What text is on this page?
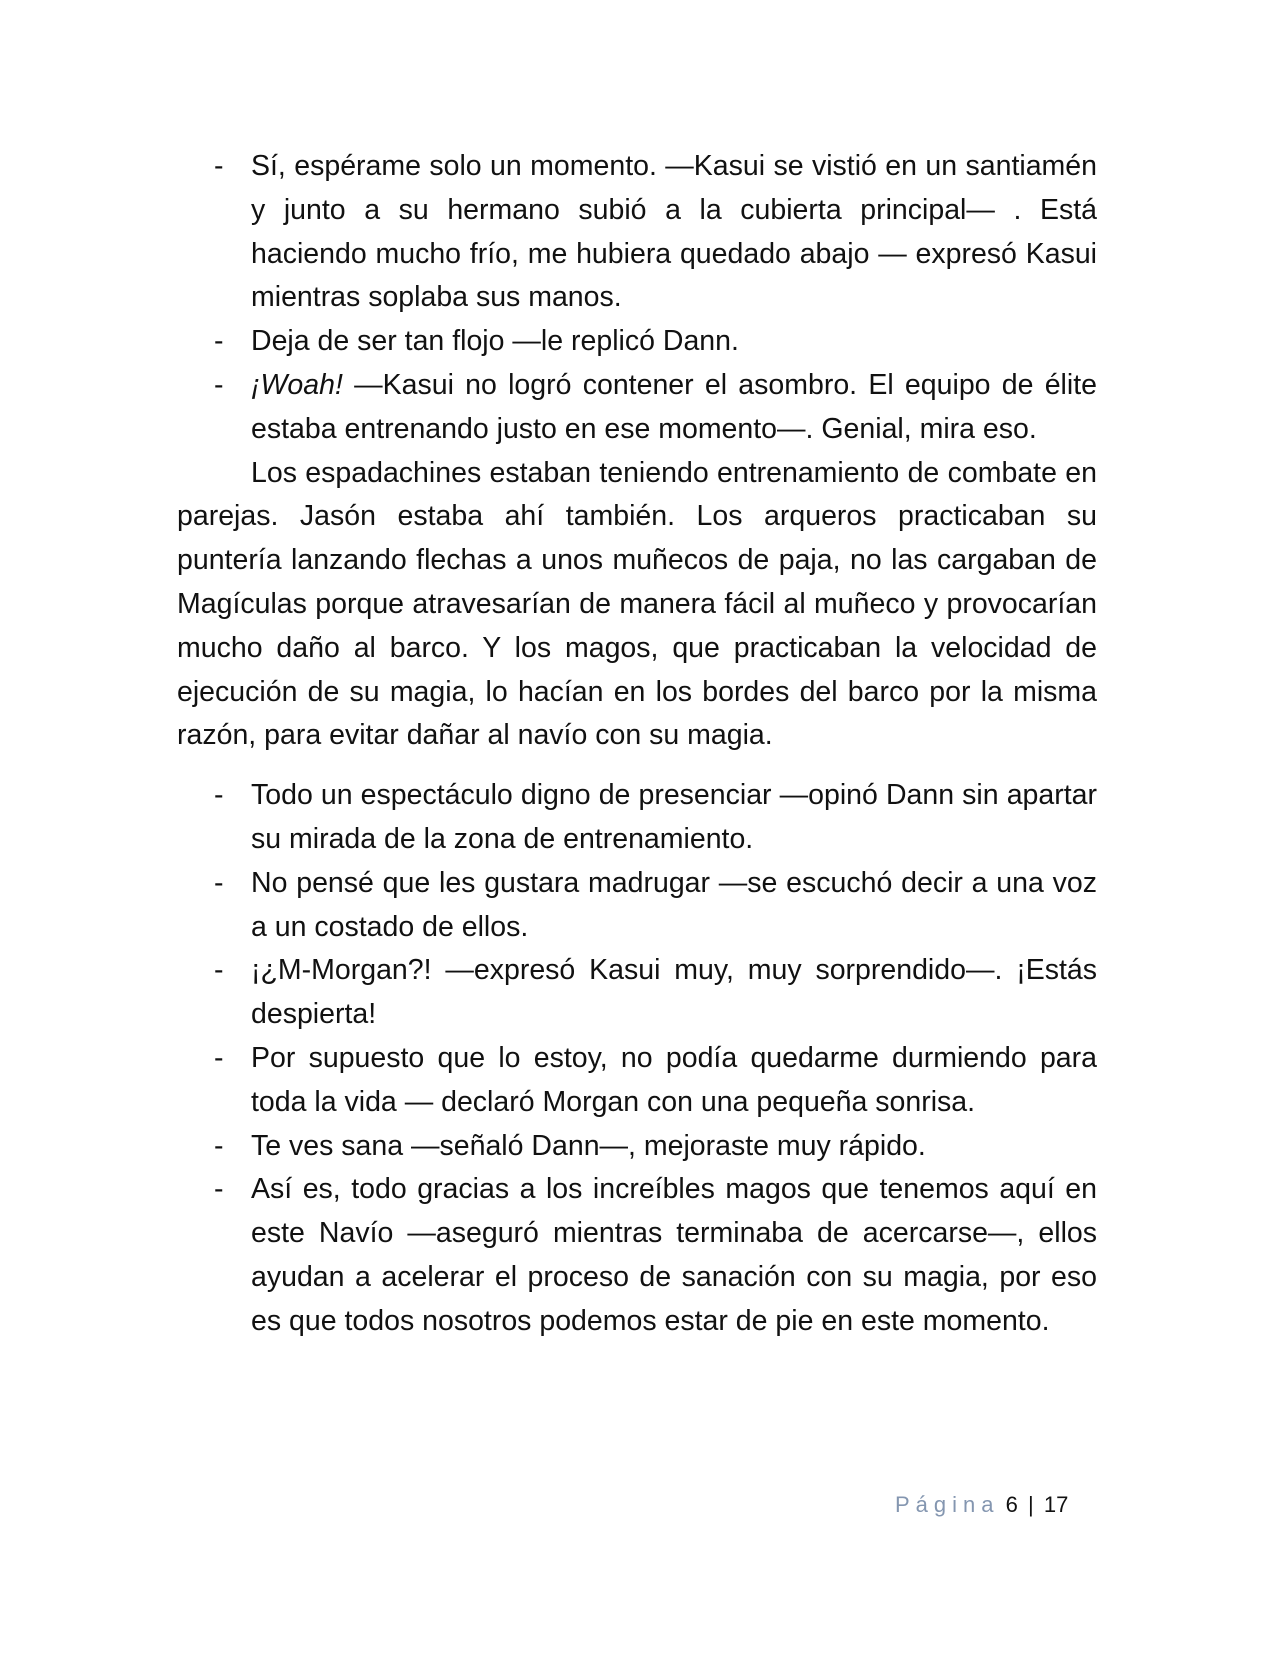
- Sí, espérame solo un momento. —Kasui se vistió en un santiamén y junto a su hermano subió a la cubierta principal— . Está haciendo mucho frío, me hubiera quedado abajo — expresó Kasui mientras soplaba sus manos.
- Deja de ser tan flojo —le replicó Dann.
- ¡Woah! —Kasui no logró contener el asombro. El equipo de élite estaba entrenando justo en ese momento—. Genial, mira eso.

Los espadachines estaban teniendo entrenamiento de combate en parejas. Jasón estaba ahí también. Los arqueros practicaban su puntería lanzando flechas a unos muñecos de paja, no las cargaban de Magículas porque atravesarían de manera fácil al muñeco y provocarían mucho daño al barco. Y los magos, que practicaban la velocidad de ejecución de su magia, lo hacían en los bordes del barco por la misma razón, para evitar dañar al navío con su magia.

- Todo un espectáculo digno de presenciar —opinó Dann sin apartar su mirada de la zona de entrenamiento.
- No pensé que les gustara madrugar —se escuchó decir a una voz a un costado de ellos.
- ¡¿M-Morgan?! —expresó Kasui muy, muy sorprendido—. ¡Estás despierta!
- Por supuesto que lo estoy, no podía quedarme durmiendo para toda la vida — declaró Morgan con una pequeña sonrisa.
- Te ves sana —señaló Dann—, mejoraste muy rápido.
- Así es, todo gracias a los increíbles magos que tenemos aquí en este Navío —aseguró mientras terminaba de acercarse—, ellos ayudan a acelerar el proceso de sanación con su magia, por eso es que todos nosotros podemos estar de pie en este momento.
Página 6 | 17
